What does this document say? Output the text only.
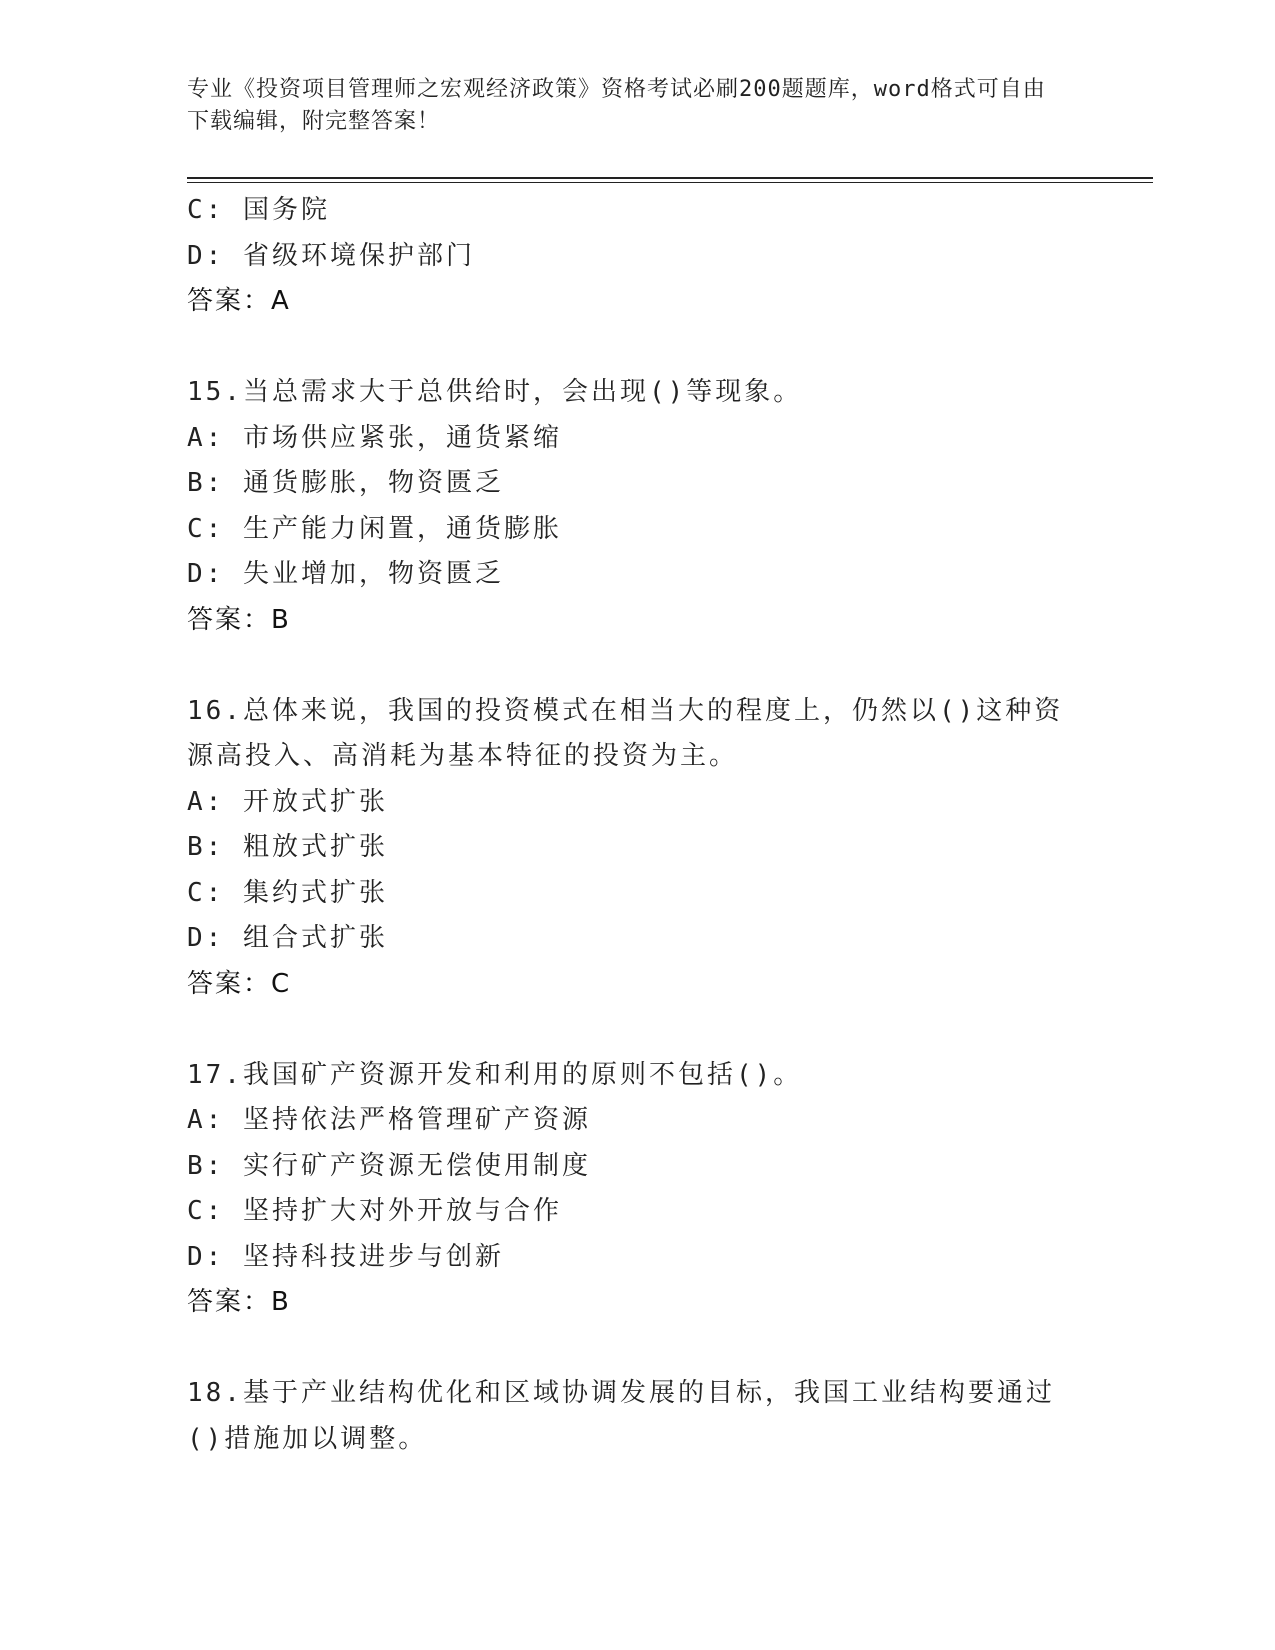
专业《投资项目管理师之宏观经济政策》资格考试必刷200题题库，word格式可自由下载编辑，附完整答案！
C: 国务院
D: 省级环境保护部门
答案：A
15.当总需求大于总供给时，会出现()等现象。
A: 市场供应紧张，通货紧缩
B: 通货膨胀，物资匮乏
C: 生产能力闲置，通货膨胀
D: 失业增加，物资匮乏
答案：B
16.总体来说，我国的投资模式在相当大的程度上，仍然以()这种资源高投入、高消耗为基本特征的投资为主。
A: 开放式扩张
B: 粗放式扩张
C: 集约式扩张
D: 组合式扩张
答案：C
17.我国矿产资源开发和利用的原则不包括()。
A: 坚持依法严格管理矿产资源
B: 实行矿产资源无偿使用制度
C: 坚持扩大对外开放与合作
D: 坚持科技进步与创新
答案：B
18.基于产业结构优化和区域协调发展的目标，我国工业结构要通过()措施加以调整。
